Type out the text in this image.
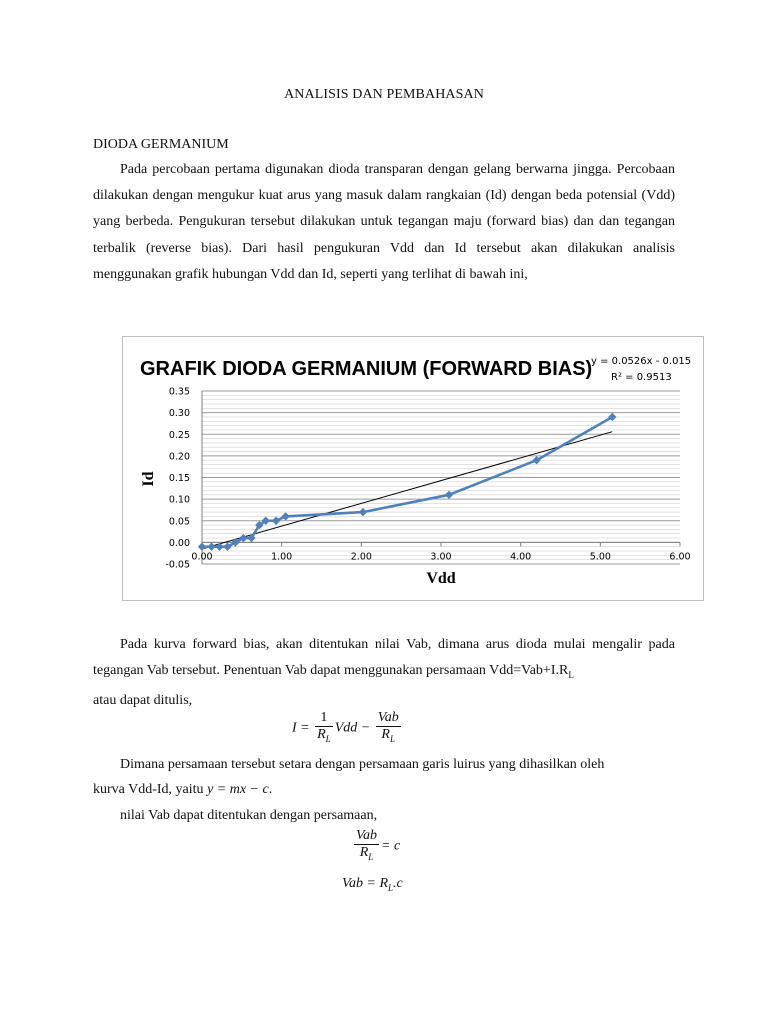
ANALISIS DAN PEMBAHASAN
DIODA GERMANIUM

Pada percobaan pertama digunakan dioda transparan dengan gelang berwarna jingga. Percobaan dilakukan dengan mengukur kuat arus yang masuk dalam rangkaian (Id) dengan beda potensial (Vdd) yang berbeda. Pengukuran tersebut dilakukan untuk tegangan maju (forward bias) dan dan tegangan terbalik (reverse bias). Dari hasil pengukuran Vdd dan Id tersebut akan dilakukan analisis menggunakan grafik hubungan Vdd dan Id, seperti yang terlihat di bawah ini,

-0.05
0.00
0.05
0.10
0.15
0.20
0.25
0.30
0.35
0.00	1.00	2.00	3.00	4.00	5.00	6.00
GRAFIK DIODA GERMANIUM (FORWARD BIAS)
y = 0.0526x - 0.015
R² = 0.9513
Vdd
Id

Pada kurva forward bias, akan ditentukan nilai Vab, dimana arus dioda mulai mengalir pada tegangan Vab tersebut. Penentuan Vab dapat menggunakan persamaan $Vdd=Vab+I.R_L$
atau dapat ditulis,

$I = \frac{1}{R_L}$ Vdd − $\frac{\text{Vab}}{R_L}$
Dimana persamaan tersebut setara dengan persamaan garis luirus yang dihasilkan oleh
kurva Vdd-Id, yaitu y = mx − c.
nilai Vab dapat ditentukan dengan persamaan,
$\frac{\text{Vab}}{R_L} = c$
Vab = $R_L.c$
